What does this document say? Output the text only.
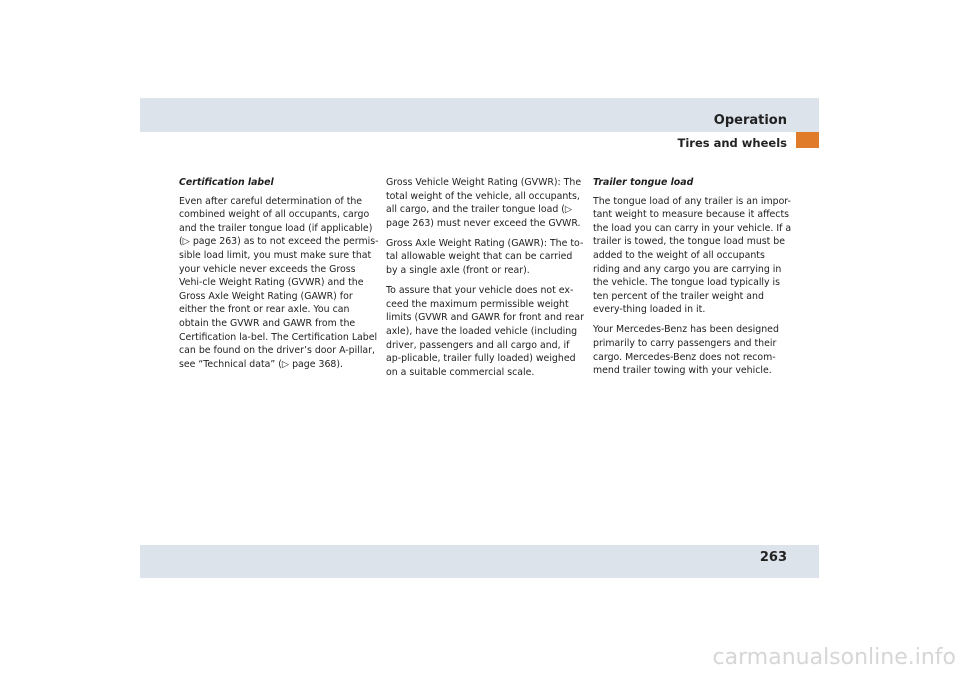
Operation
Tires and wheels
Certification label

Even after careful determination of the combined weight of all occupants, cargo and the trailer tongue load (if applicable) (▷ page 263) as to not exceed the permis-sible load limit, you must make sure that your vehicle never exceeds the Gross Vehi-cle Weight Rating (GVWR) and the Gross Axle Weight Rating (GAWR) for either the front or rear axle. You can obtain the GVWR and GAWR from the Certification la-bel. The Certification Label can be found on the driver’s door A-pillar, see “Technical data” (▷ page 368).

Gross Vehicle Weight Rating (GVWR): The total weight of the vehicle, all occupants, all cargo, and the trailer tongue load (▷ page 263) must never exceed the GVWR.

Gross Axle Weight Rating (GAWR): The to-tal allowable weight that can be carried by a single axle (front or rear).

To assure that your vehicle does not ex-ceed the maximum permissible weight limits (GVWR and GAWR for front and rear axle), have the loaded vehicle (including driver, passengers and all cargo and, if ap-plicable, trailer fully loaded) weighed on a suitable commercial scale.

Trailer tongue load

The tongue load of any trailer is an impor-tant weight to measure because it affects the load you can carry in your vehicle. If a trailer is towed, the tongue load must be added to the weight of all occupants riding and any cargo you are carrying in the vehicle. The tongue load typically is ten percent of the trailer weight and every-thing loaded in it.

Your Mercedes-Benz has been designed primarily to carry passengers and their cargo. Mercedes-Benz does not recom-mend trailer towing with your vehicle.

263
carmanualsonline.info
